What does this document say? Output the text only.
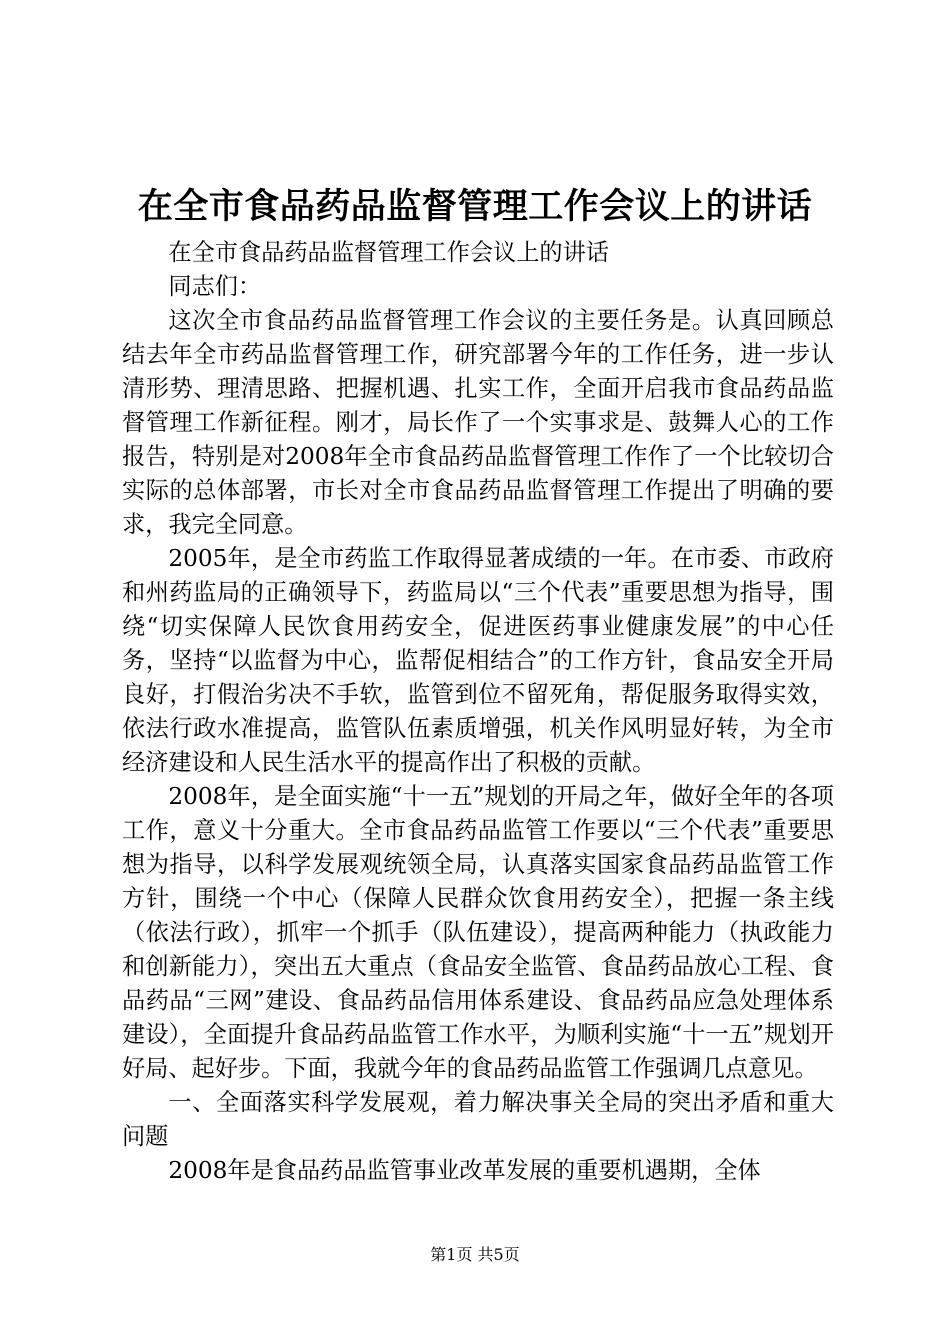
在全市食品药品监督管理工作会议上的讲话

在全市食品药品监督管理工作会议上的讲话

同志们：

这次全市食品药品监督管理工作会议的主要任务是。认真回顾总结去年全市药品监督管理工作，研究部署今年的工作任务，进一步认清形势、理清思路、把握机遇、扎实工作，全面开启我市食品药品监督管理工作新征程。刚才，局长作了一个实事求是、鼓舞人心的工作报告，特别是对2008年全市食品药品监督管理工作作了一个比较切合实际的总体部署，市长对全市食品药品监督管理工作提出了明确的要求，我完全同意。

2005年，是全市药监工作取得显著成绩的一年。在市委、市政府和州药监局的正确领导下，药监局以“三个代表”重要思想为指导，围绕“切实保障人民饮食用药安全，促进医药事业健康发展”的中心任务，坚持“以监督为中心，监帮促相结合”的工作方针，食品安全开局良好，打假治劣决不手软，监管到位不留死角，帮促服务取得实效，依法行政水准提高，监管队伍素质增强，机关作风明显好转，为全市经济建设和人民生活水平的提高作出了积极的贡献。

2008年，是全面实施“十一五”规划的开局之年，做好全年的各项工作，意义十分重大。全市食品药品监管工作要以“三个代表”重要思想为指导，以科学发展观统领全局，认真落实国家食品药品监管工作方针，围绕一个中心（保障人民群众饮食用药安全），把握一条主线（依法行政），抓牢一个抓手（队伍建设），提高两种能力（执政能力和创新能力），突出五大重点（食品安全监管、食品药品放心工程、食品药品“三网”建设、食品药品信用体系建设、食品药品应急处理体系建设），全面提升食品药品监管工作水平，为顺利实施“十一五”规划开好局、起好步。下面，我就今年的食品药品监管工作强调几点意见。

一、全面落实科学发展观，着力解决事关全局的突出矛盾和重大问题

2008年是食品药品监管事业改革发展的重要机遇期，全体

第1页 共5页
